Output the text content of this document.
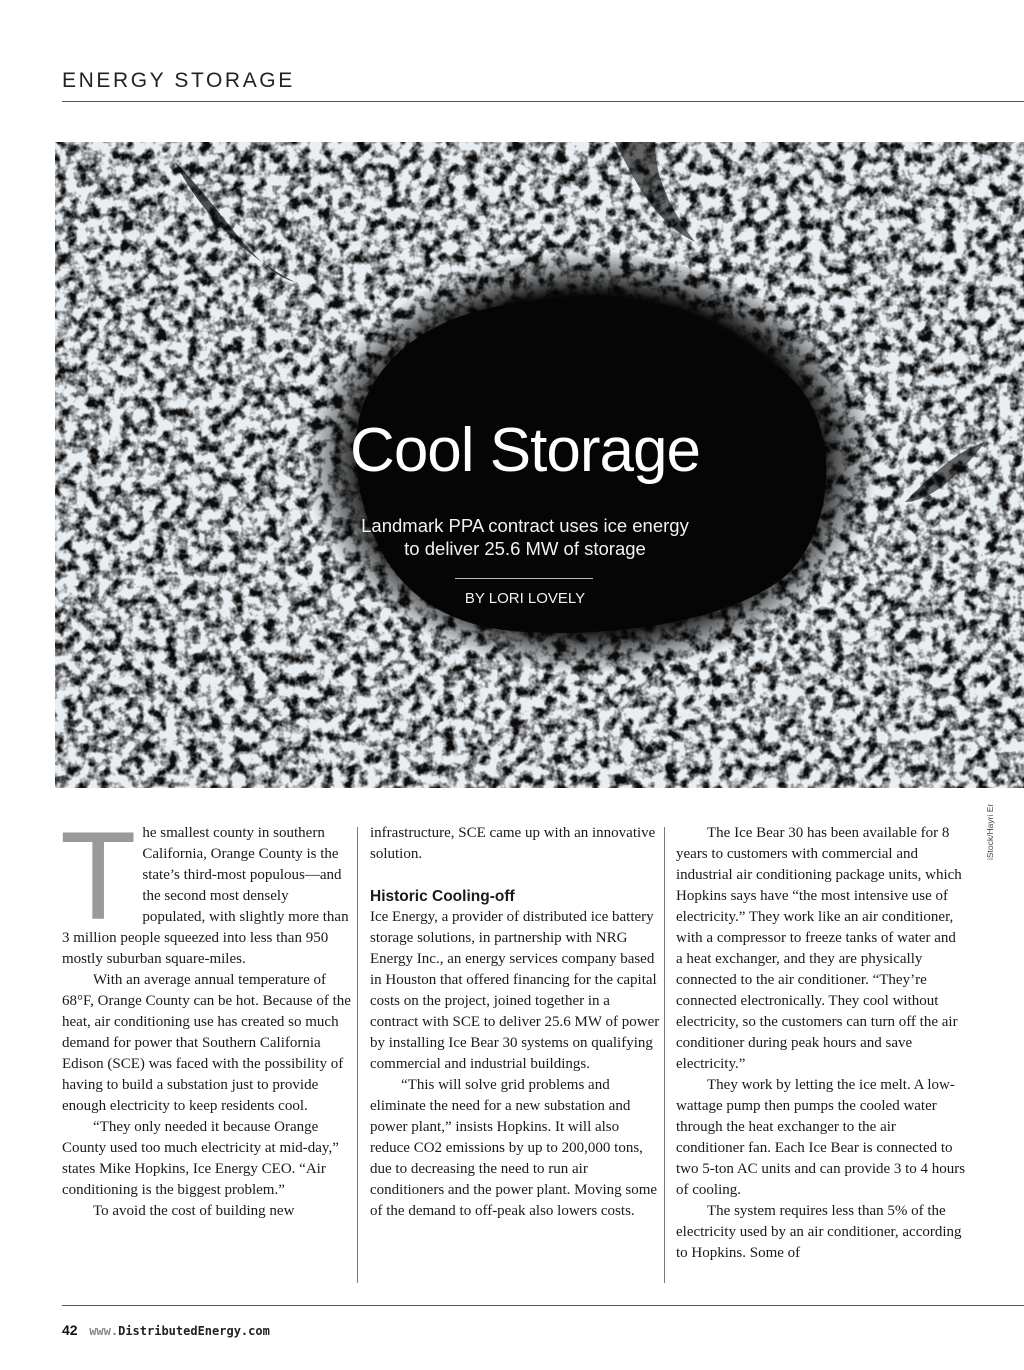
ENERGY STORAGE
Cool Storage
Landmark PPA contract uses ice energy
to deliver 25.6 MW of storage
BY LORI LOVELY
iStock/Hayri Er
T he smallest county in southern California, Orange County is the state’s third-most populous—and the second most densely populated, with slightly more than 3 million people squeezed into less than 950 mostly suburban square-miles.

With an average annual temperature of 68°F, Orange County can be hot. Because of the heat, air conditioning use has created so much demand for power that Southern California Edison (SCE) was faced with the possibility of having to build a substation just to provide enough electricity to keep residents cool.

“They only needed it because Orange County used too much electricity at mid-day,” states Mike Hopkins, Ice Energy CEO. “Air conditioning is the biggest problem.”

To avoid the cost of building new

infrastructure, SCE came up with an innovative solution.

Historic Cooling-off

Ice Energy, a provider of distributed ice battery storage solutions, in partnership with NRG Energy Inc., an energy services company based in Houston that offered financing for the capital costs on the project, joined together in a contract with SCE to deliver 25.6 MW of power by installing Ice Bear 30 systems on qualifying commercial and industrial buildings.

“This will solve grid problems and eliminate the need for a new substation and power plant,” insists Hopkins. It will also reduce CO2 emissions by up to 200,000 tons, due to decreasing the need to run air conditioners and the power plant. Moving some of the demand to off-peak also lowers costs.

The Ice Bear 30 has been available for 8 years to customers with commercial and industrial air conditioning package units, which Hopkins says have “the most intensive use of electricity.” They work like an air conditioner, with a compressor to freeze tanks of water and a heat exchanger, and they are physically connected to the air conditioner. “They’re connected electronically. They cool without electricity, so the customers can turn off the air conditioner during peak hours and save electricity.”

They work by letting the ice melt. A low-wattage pump then pumps the cooled water through the heat exchanger to the air conditioner fan. Each Ice Bear is connected to two 5-ton AC units and can provide 3 to 4 hours of cooling.

The system requires less than 5% of the electricity used by an air conditioner, according to Hopkins. Some of

42 www.DistributedEnergy.com
